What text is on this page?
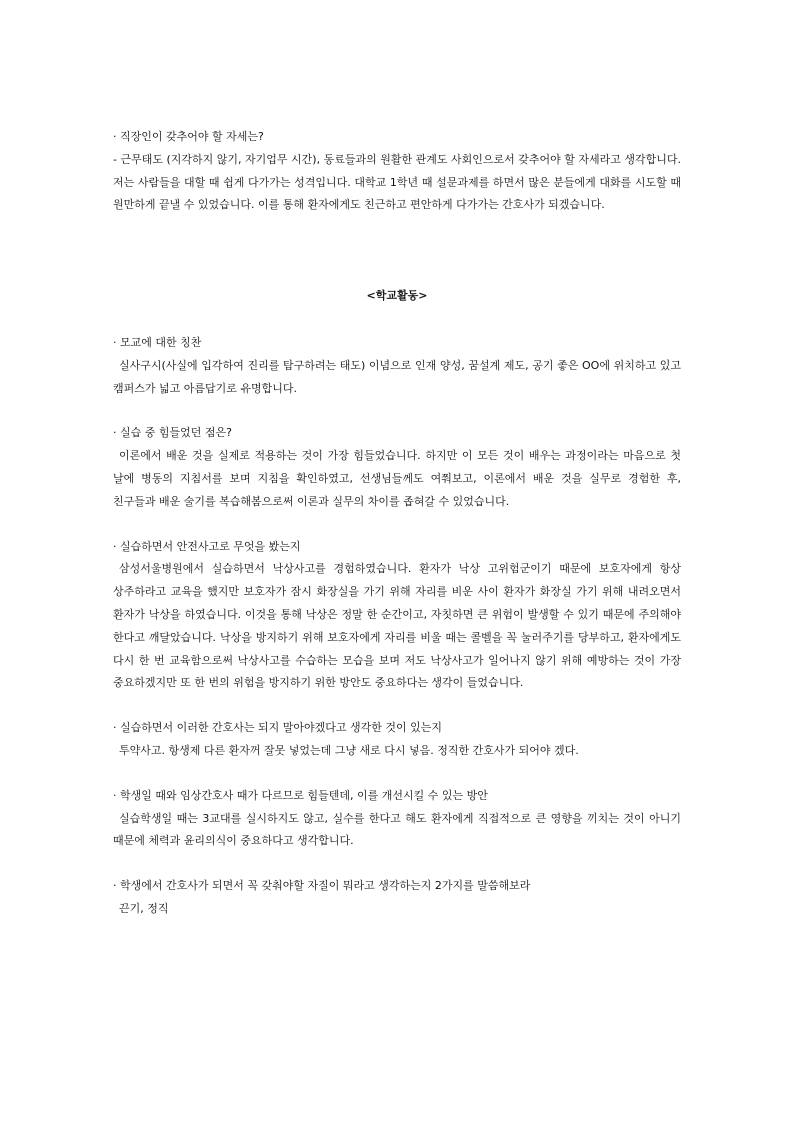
· 직장인이 갖추어야 할 자세는?

- 근무태도 (지각하지 않기, 자기업무 시간), 동료들과의 원활한 관계도 사회인으로서 갖추어야 할 자세라고 생각합니다. 저는 사람들을 대할 때 쉽게 다가가는 성격입니다. 대학교 1학년 때 설문과제를 하면서 많은 분들에게 대화를 시도할 때 원만하게 끝낼 수 있었습니다. 이를 통해 환자에게도 친근하고 편안하게 다가가는 간호사가 되겠습니다.

<학교활동>

· 모교에 대한 칭찬

실사구시(사실에 입각하여 진리를 탐구하려는 태도) 이념으로 인재 양성, 꿈설계 제도, 공기 좋은 OO에 위치하고 있고 캠퍼스가 넓고 아름답기로 유명합니다.

· 실습 중 힘들었던 점은?

이론에서 배운 것을 실제로 적용하는 것이 가장 힘들었습니다. 하지만 이 모든 것이 배우는 과정이라는 마음으로 첫 날에 병동의 지침서를 보며 지침을 확인하였고, 선생님들께도 여쭤보고, 이론에서 배운 것을 실무로 경험한 후, 친구들과 배운 술기를 복습해봄으로써 이론과 실무의 차이를 좁혀갈 수 있었습니다.

· 실습하면서 안전사고로 무엇을 봤는지

삼성서울병원에서 실습하면서 낙상사고를 경험하였습니다. 환자가 낙상 고위험군이기 때문에 보호자에게 항상 상주하라고 교육을 했지만 보호자가 잠시 화장실을 가기 위해 자리를 비운 사이 환자가 화장실 가기 위해 내려오면서 환자가 낙상을 하였습니다. 이것을 통해 낙상은 정말 한 순간이고, 자칫하면 큰 위험이 발생할 수 있기 때문에 주의해야 한다고 깨달았습니다. 낙상을 방지하기 위해 보호자에게 자리를 비울 때는 콜벨을 꼭 눌러주기를 당부하고, 환자에게도 다시 한 번 교육함으로써 낙상사고를 수습하는 모습을 보며 저도 낙상사고가 일어나지 않기 위해 예방하는 것이 가장 중요하겠지만 또 한 번의 위험을 방지하기 위한 방안도 중요하다는 생각이 들었습니다.

· 실습하면서 이러한 간호사는 되지 말아야겠다고 생각한 것이 있는지

투약사고. 항생제 다른 환자꺼 잘못 넣었는데 그냥 새로 다시 넣음. 정직한 간호사가 되어야 겠다.

· 학생일 때와 임상간호사 때가 다르므로 힘들텐데, 이를 개선시킬 수 있는 방안

실습학생일 때는 3교대를 실시하지도 않고, 실수를 한다고 해도 환자에게 직접적으로 큰 영향을 끼치는 것이 아니기 때문에 체력과 윤리의식이 중요하다고 생각합니다.

· 학생에서 간호사가 되면서 꼭 갖춰야할 자질이 뭐라고 생각하는지 2가지를 말씀해보라

끈기, 정직
